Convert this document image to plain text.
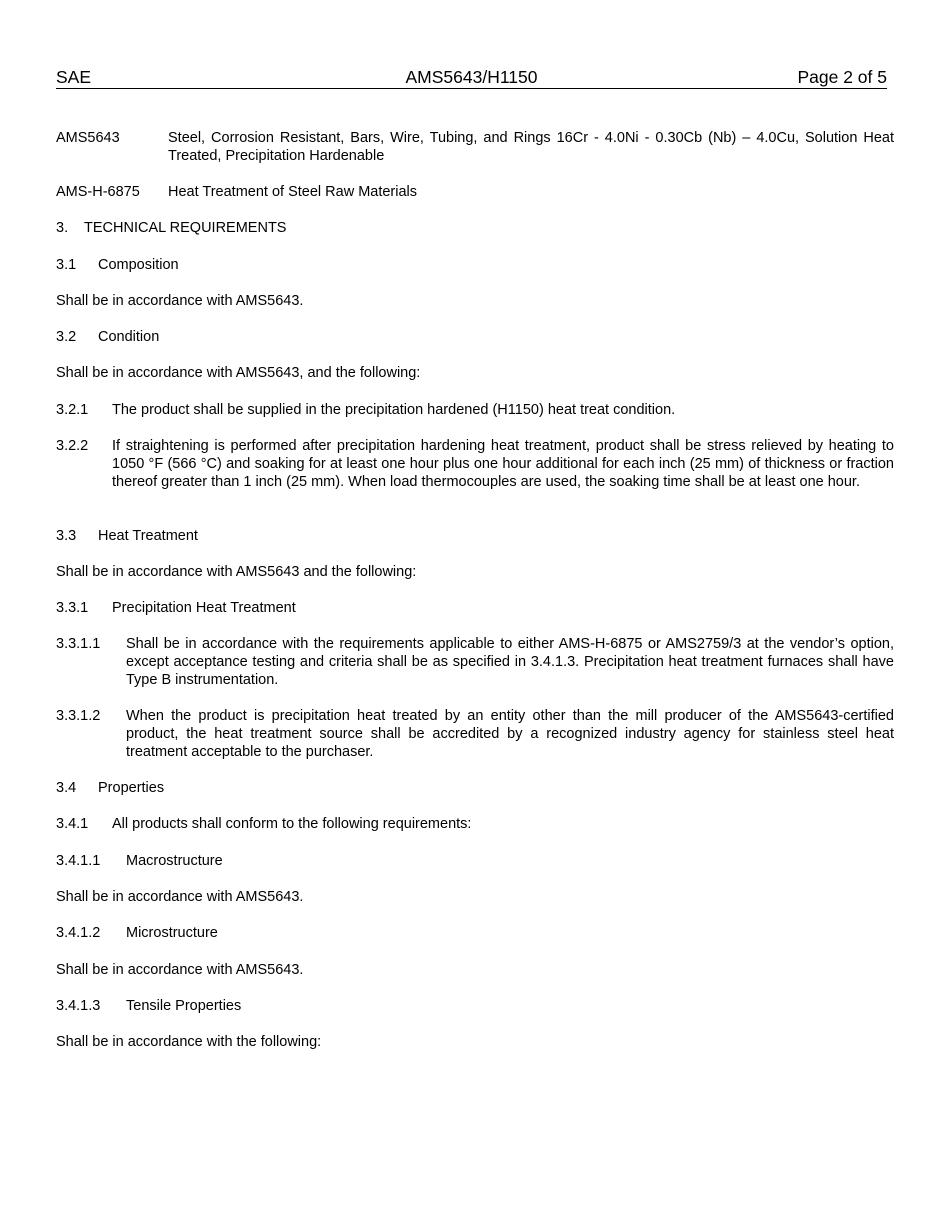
SAE	AMS5643/H1150	Page 2 of 5
AMS5643	Steel, Corrosion Resistant, Bars, Wire, Tubing, and Rings 16Cr - 4.0Ni - 0.30Cb (Nb) – 4.0Cu, Solution Heat Treated, Precipitation Hardenable
AMS-H-6875 Heat Treatment of Steel Raw Materials
3. TECHNICAL REQUIREMENTS
3.1 Composition
Shall be in accordance with AMS5643.
3.2 Condition
Shall be in accordance with AMS5643, and the following:
3.2.1 The product shall be supplied in the precipitation hardened (H1150) heat treat condition.
3.2.2 If straightening is performed after precipitation hardening heat treatment, product shall be stress relieved by heating to 1050 °F (566 °C) and soaking for at least one hour plus one hour additional for each inch (25 mm) of thickness or fraction thereof greater than 1 inch (25 mm). When load thermocouples are used, the soaking time shall be at least one hour.
3.3 Heat Treatment
Shall be in accordance with AMS5643 and the following:
3.3.1 Precipitation Heat Treatment
3.3.1.1 Shall be in accordance with the requirements applicable to either AMS-H-6875 or AMS2759/3 at the vendor’s option, except acceptance testing and criteria shall be as specified in 3.4.1.3. Precipitation heat treatment furnaces shall have Type B instrumentation.
3.3.1.2 When the product is precipitation heat treated by an entity other than the mill producer of the AMS5643-certified product, the heat treatment source shall be accredited by a recognized industry agency for stainless steel heat treatment acceptable to the purchaser.
3.4 Properties
3.4.1 All products shall conform to the following requirements:
3.4.1.1 Macrostructure
Shall be in accordance with AMS5643.
3.4.1.2 Microstructure
Shall be in accordance with AMS5643.
3.4.1.3 Tensile Properties
Shall be in accordance with the following:
